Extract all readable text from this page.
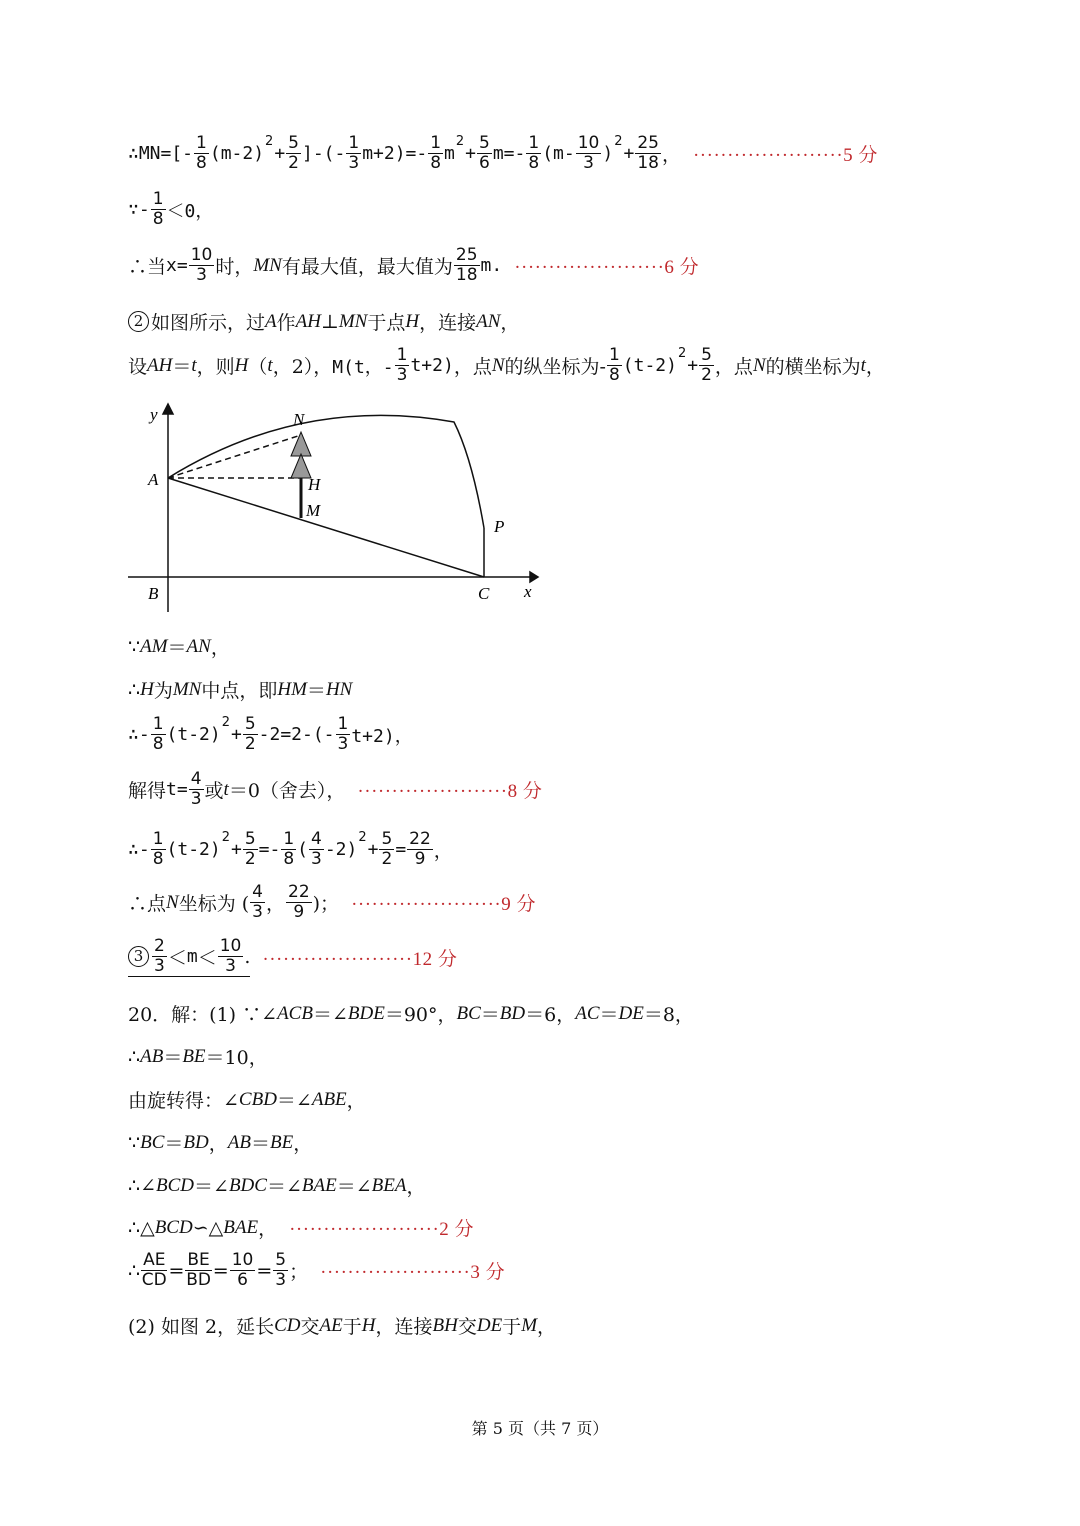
∴MN=[- 1
8 (m-2)
2
+ $\frac{5}{2}$ ]-(- 1
3 m+2)=- 1
8 m
2
+ $\frac{5}{6} m=-$ 1
8 (m- 10
3 )
2
+ $\frac{25}{18}$ ， ······················5 分
∵- 1
8 ＜0，
∴当 $x= \frac{10}{3}$ 时， MN 有最大值，最大值为
25
18 m. ······················6 分
2 如图所示，过 A 作 AH ⊥ MN 于点 H ，连接 AN ，
设 AH ＝ t ，则 H （ t ，2）， M(t，-
1
3 t+2) ，点 N 的纵坐标为-
1
8 (t-2)
2
+ $\frac{5}{2}$ ，点 N 的横坐标为 t ，
y	N
A	H
M
P
B	C x
∵ AM ＝ AN ，
∴ H 为 MN 中点，即 HM ＝ HN
∴- 1
8 (t-2)
2
+ $\frac{5}{2} -2=2-(-$ 1
3 t+2)，
解得 $t= \frac{4}{3}$ 或 t ＝0（舍去）， ······················8 分
∴- 1
8 (t-2)
2
+ $\frac{5}{2} =- 1$
8 ( 4
3 -2)
2
+ $\frac{5}{2} = \frac{22}{9}$ ，
∴点 N 坐标为 (
4
3 ，
22
9 )； ······················9 分
3 2
3 ＜ m ＜
10
3 . ······················12 分
20．解：(1) ∵∠ ACB ＝∠ BDE ＝90°， BC ＝ BD ＝6， AC ＝ DE ＝8，
∴ AB ＝ BE ＝10，
由旋转得：∠ CBD ＝∠ ABE ，
∵ BC ＝ BD ， AB ＝ BE ，
∴∠ BCD ＝∠ BDC ＝∠ BAE ＝∠ BEA ，
∴△ BCD ∽△ BAE ， ······················2 分
∴ $\frac{AE}{CD} = \frac{BE}{BD} = \frac{10}{6} = \frac{5}{3}$ ； ······················3 分
(2) 如图 2，延长 CD 交 AE 于 H ，连接 BH 交 DE 于 M ，
第 5 页（共 7 页）
